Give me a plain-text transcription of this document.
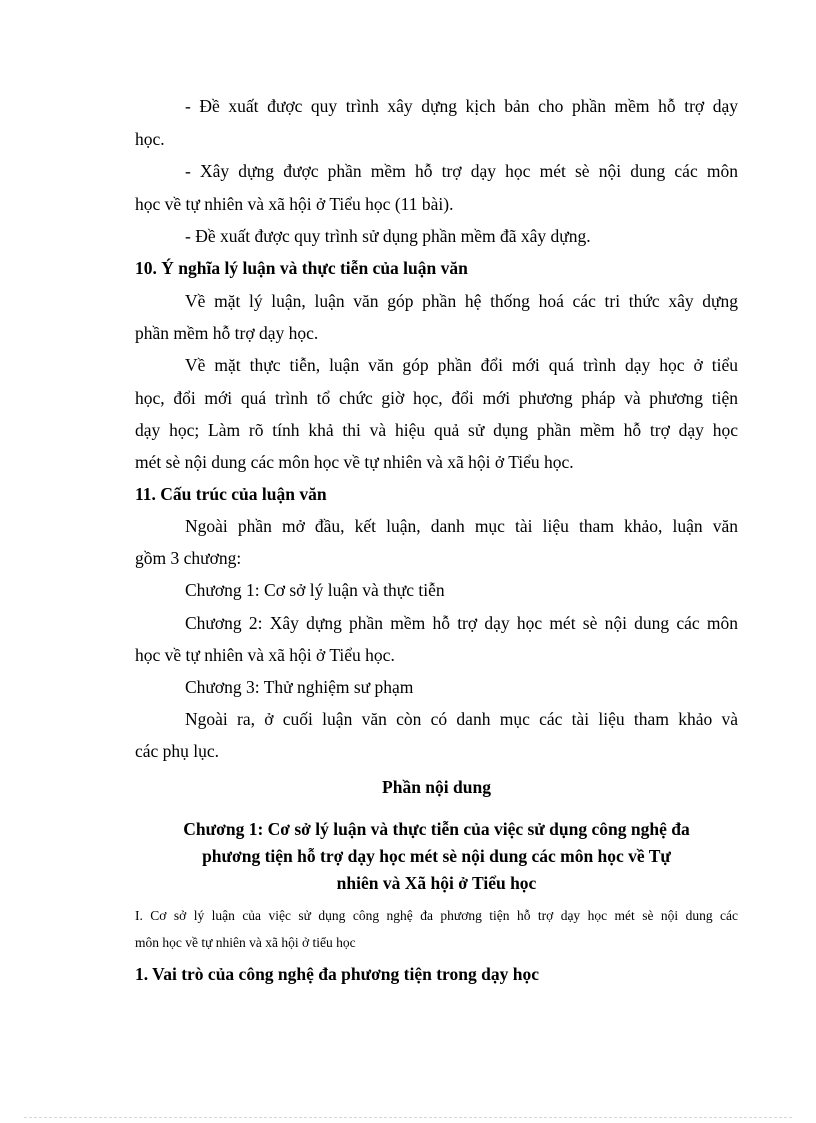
- Đề xuất được quy trình xây dựng kịch bản cho phần mềm hỗ trợ dạy
học.
- Xây dựng được phần mềm hỗ trợ dạy học mét sè nội dung các môn
học về tự nhiên và xã hội ở Tiểu học (11 bài).
- Đề xuất được quy trình sử dụng phần mềm đã xây dựng.
10. Ý nghĩa lý luận và thực tiễn của luận văn
Về mặt lý luận, luận văn góp phần hệ thống hoá các tri thức xây dựng
phần mềm hỗ trợ dạy học.
Về mặt thực tiễn, luận văn góp phần đổi mới quá trình dạy học ở tiểu
học, đổi mới quá trình tổ chức giờ học, đổi mới phương pháp và phương tiện
dạy học; Làm rõ tính khả thi và hiệu quả sử dụng phần mềm hỗ trợ dạy học
mét sè nội dung các môn học về tự nhiên và xã hội ở Tiểu học.
11. Cấu trúc của luận văn
Ngoài phần mở đầu, kết luận, danh mục tài liệu tham khảo, luận văn
gồm 3 chương:
Chương 1: Cơ sở lý luận và thực tiễn
Chương 2: Xây dựng phần mềm hỗ trợ dạy học mét sè nội dung các môn
học về tự nhiên và xã hội ở Tiểu học.
Chương 3: Thử nghiệm sư phạm
Ngoài ra, ở cuối luận văn còn có danh mục các tài liệu tham khảo và
các phụ lục.
Phần nội dung
Chương 1: Cơ sở lý luận và thực tiễn của việc sử dụng công nghệ đa
phương tiện hỗ trợ dạy học mét sè nội dung các môn học về Tự
nhiên và Xã hội ở Tiểu học
I. Cơ sở lý luận của việc sử dụng công nghệ đa phương tiện hỗ trợ dạy học mét sè nội dung các
môn học về tự nhiên và xã hội ở tiểu học
1. Vai trò của công nghệ đa phương tiện trong dạy học
